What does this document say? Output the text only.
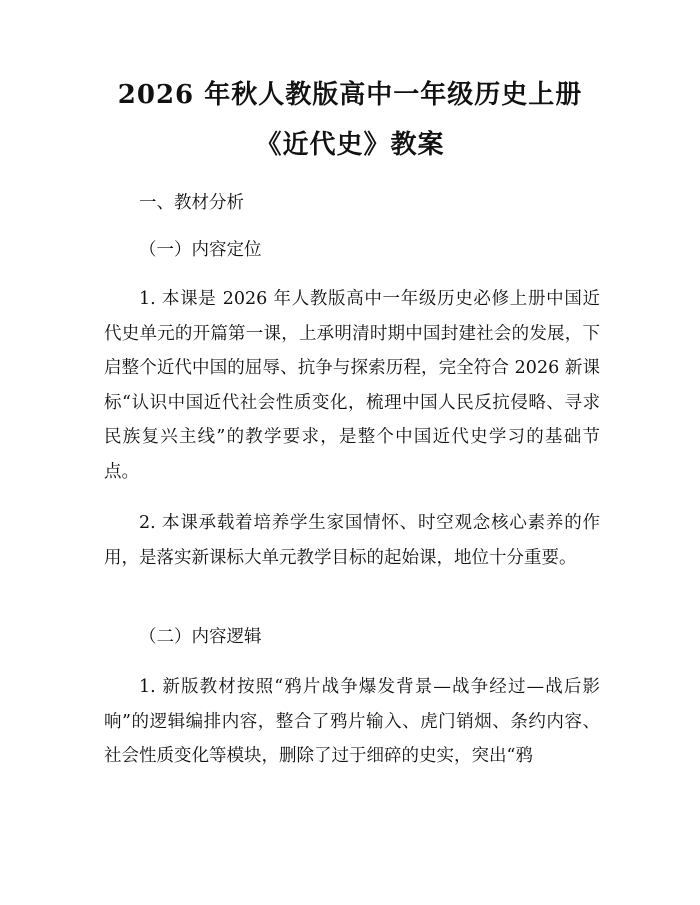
2026 年秋人教版高中一年级历史上册《近代史》教案

一、教材分析

（一）内容定位

1. 本课是 2026 年人教版高中一年级历史必修上册中国近代史单元的开篇第一课，上承明清时期中国封建社会的发展，下启整个近代中国的屈辱、抗争与探索历程，完全符合 2026 新课标“认识中国近代社会性质变化，梳理中国人民反抗侵略、寻求民族复兴主线”的教学要求，是整个中国近代史学习的基础节点。

2. 本课承载着培养学生家国情怀、时空观念核心素养的作用，是落实新课标大单元教学目标的起始课，地位十分重要。

（二）内容逻辑

1. 新版教材按照“鸦片战争爆发背景—战争经过—战后影响”的逻辑编排内容，整合了鸦片输入、虎门销烟、条约内容、社会性质变化等模块，删除了过于细碎的史实，突出“鸦
